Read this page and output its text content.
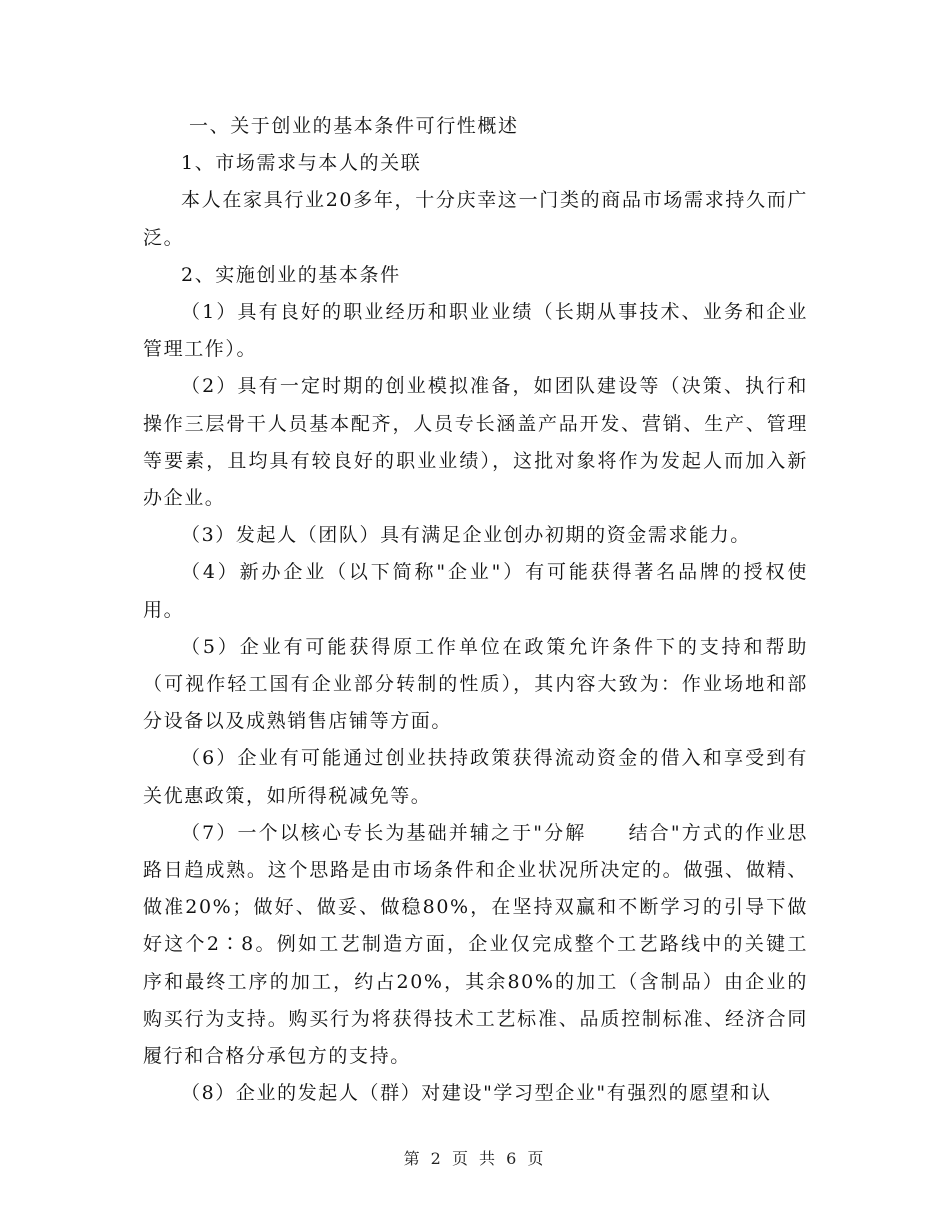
一、关于创业的基本条件可行性概述

1、市场需求与本人的关联

本人在家具行业20多年，十分庆幸这一门类的商品市场需求持久而广泛。

2、实施创业的基本条件

（1）具有良好的职业经历和职业业绩（长期从事技术、业务和企业管理工作）。

（2）具有一定时期的创业模拟准备，如团队建设等（决策、执行和操作三层骨干人员基本配齐，人员专长涵盖产品开发、营销、生产、管理等要素，且均具有较良好的职业业绩），这批对象将作为发起人而加入新办企业。

（3）发起人（团队）具有满足企业创办初期的资金需求能力。

（4）新办企业（以下简称"企业"）有可能获得著名品牌的授权使用。

（5）企业有可能获得原工作单位在政策允许条件下的支持和帮助（可视作轻工国有企业部分转制的性质），其内容大致为：作业场地和部分设备以及成熟销售店铺等方面。

（6）企业有可能通过创业扶持政策获得流动资金的借入和享受到有关优惠政策，如所得税减免等。

（7）一个以核心专长为基础并辅之于"分解　　结合"方式的作业思路日趋成熟。这个思路是由市场条件和企业状况所决定的。做强、做精、做准20%；做好、做妥、做稳80%，在坚持双赢和不断学习的引导下做好这个2∶8。例如工艺制造方面，企业仅完成整个工艺路线中的关键工序和最终工序的加工，约占20%，其余80%的加工（含制品）由企业的购买行为支持。购买行为将获得技术工艺标准、品质控制标准、经济合同履行和合格分承包方的支持。

（8）企业的发起人（群）对建设"学习型企业"有强烈的愿望和认

第 2 页 共 6 页
